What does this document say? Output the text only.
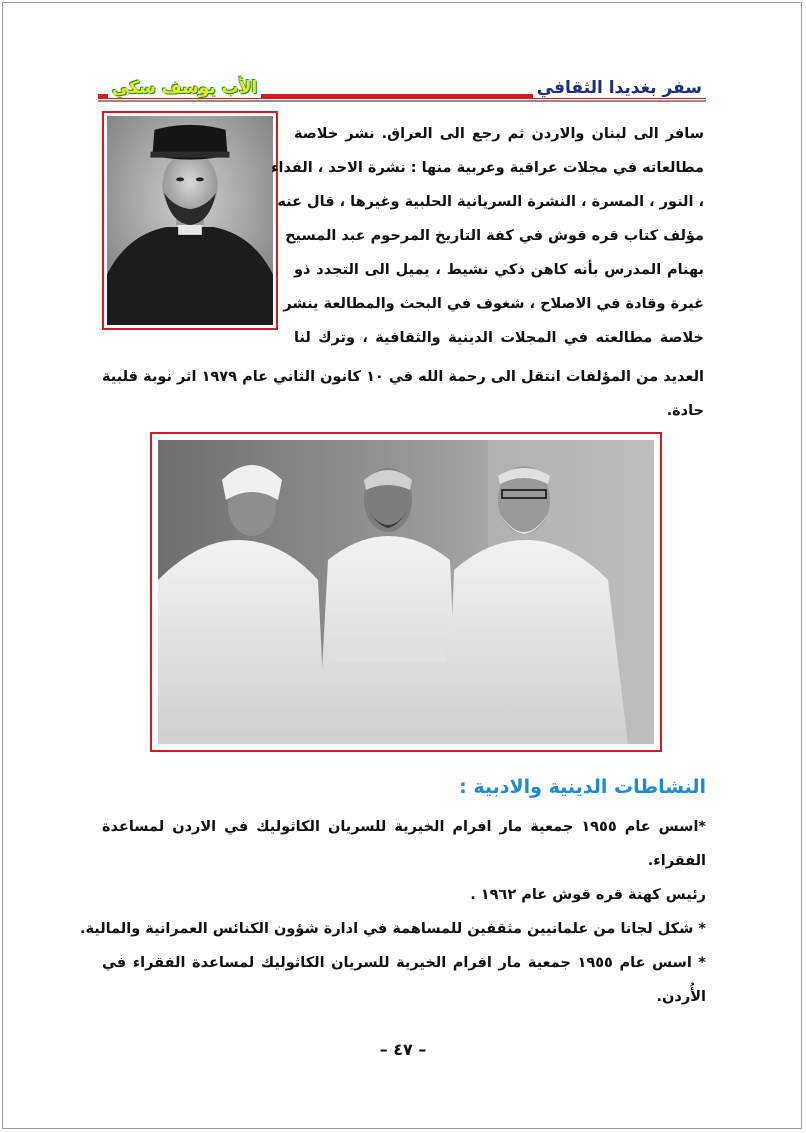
سفر بغديدا الثقافي
الأب يوسف سكي
سافر الى لبنان والاردن ثم رجع الى العراق. نشر خلاصة
مطالعاته في مجلات عراقية وعربية منها : نشرة الاحد ، الفداء
، النور ، المسرة ، النشرة السريانية الحلبية وغيرها ، قال عنه
مؤلف كتاب قره قوش في كفة التاريخ المرحوم عبد المسيح
بهنام المدرس بأنه كاهن ذكي نشيط ، يميل الى التجدد ذو
غيرة وقادة في الاصلاح ، شغوف في البحث والمطالعة ينشر
خلاصة مطالعته في المجلات الدينية والثقافية ، وترك لنا
العديد من المؤلفات انتقل الى رحمة الله في ١٠ كانون الثاني عام ١٩٧٩ اثر نوبة قلبية
حادة.
النشاطات الدينية والادبية :
*اسس عام ١٩٥٥ جمعية مار افرام الخيرية للسريان الكاثوليك في الاردن لمساعدة
الفقراء.
رئيس كهنة قره قوش عام ١٩٦٢ .
* شكل لجانا من علمانيين مثقفين للمساهمة في ادارة شؤون الكنائس العمرانية والمالية.
* اسس عام ١٩٥٥ جمعية مار افرام الخيرية للسريان الكاثوليك لمساعدة الفقراء في
الأُردن.
– ٤٧ –
